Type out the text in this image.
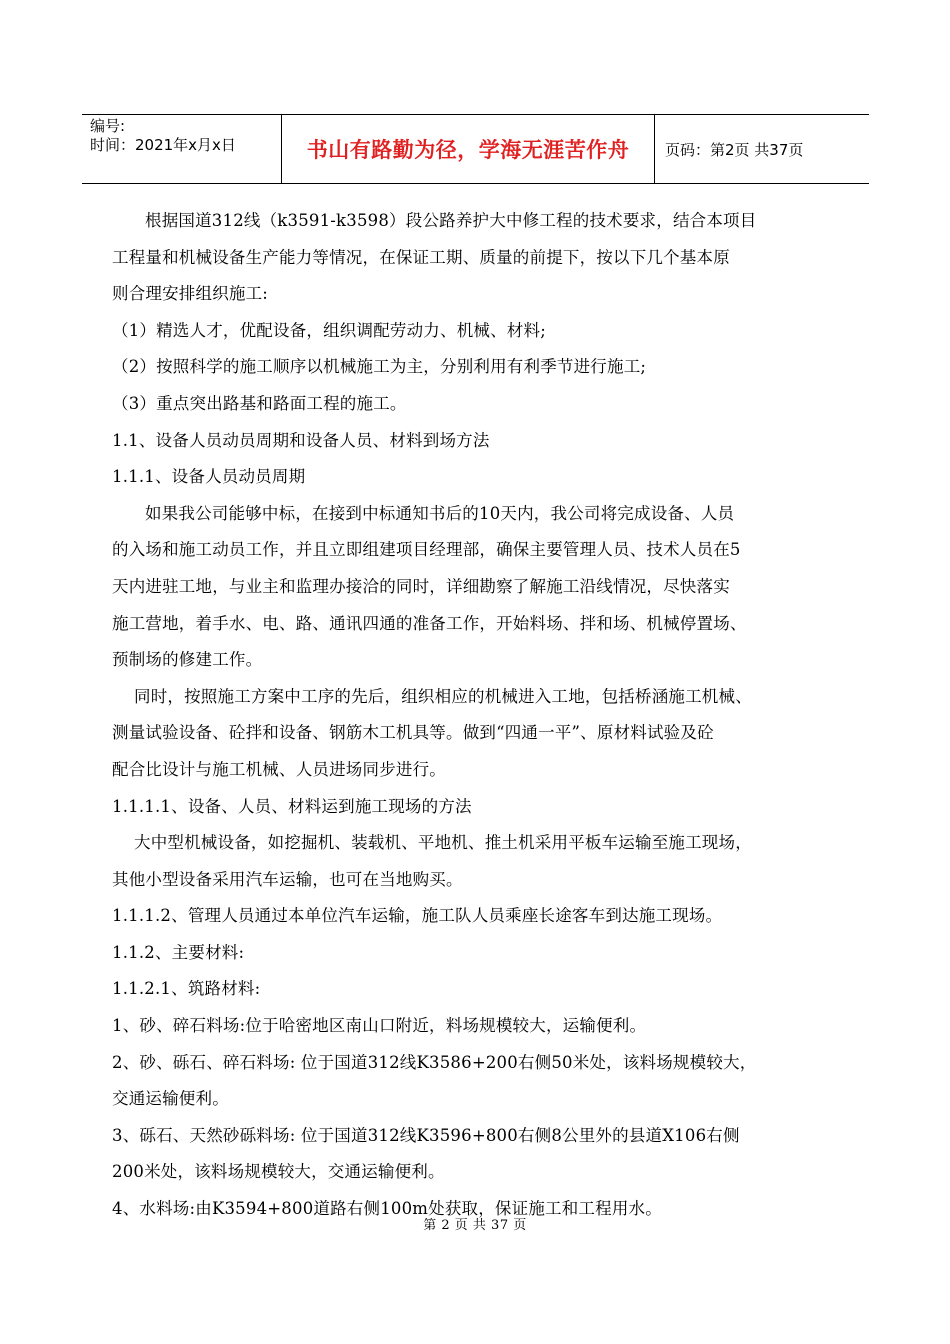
编号:
时间：2021年x月x日	书山有路勤为径，学海无涯苦作舟	页码：第2页 共37页
根据国道312线（k3591-k3598）段公路养护大中修工程的技术要求，结合本项目
工程量和机械设备生产能力等情况，在保证工期、质量的前提下，按以下几个基本原
则合理安排组织施工:
（1）精选人才，优配设备，组织调配劳动力、机械、材料;
（2）按照科学的施工顺序以机械施工为主，分别利用有利季节进行施工;
（3）重点突出路基和路面工程的施工。
1.1、设备人员动员周期和设备人员、材料到场方法
1.1.1、设备人员动员周期
如果我公司能够中标，在接到中标通知书后的10天内，我公司将完成设备、人员
的入场和施工动员工作，并且立即组建项目经理部，确保主要管理人员、技术人员在5
天内进驻工地，与业主和监理办接洽的同时，详细勘察了解施工沿线情况，尽快落实
施工营地，着手水、电、路、通讯四通的准备工作，开始料场、拌和场、机械停置场、
预制场的修建工作。
同时，按照施工方案中工序的先后，组织相应的机械进入工地，包括桥涵施工机械、
测量试验设备、砼拌和设备、钢筋木工机具等。做到“四通一平”、原材料试验及砼
配合比设计与施工机械、人员进场同步进行。
1.1.1.1、设备、人员、材料运到施工现场的方法
大中型机械设备，如挖掘机、装载机、平地机、推土机采用平板车运输至施工现场，
其他小型设备采用汽车运输，也可在当地购买。
1.1.1.2、管理人员通过本单位汽车运输，施工队人员乘座长途客车到达施工现场。
1.1.2、主要材料:
1.1.2.1、筑路材料:
1、砂、碎石料场:位于哈密地区南山口附近，料场规模较大，运输便利。
2、砂、砾石、碎石料场: 位于国道312线K3586+200右侧50米处，该料场规模较大，
交通运输便利。
3、砾石、天然砂砾料场: 位于国道312线K3596+800右侧8公里外的县道X106右侧
200米处，该料场规模较大，交通运输便利。
4、水料场:由K3594+800道路右侧100m处获取，保证施工和工程用水。
第 2 页 共 37 页
